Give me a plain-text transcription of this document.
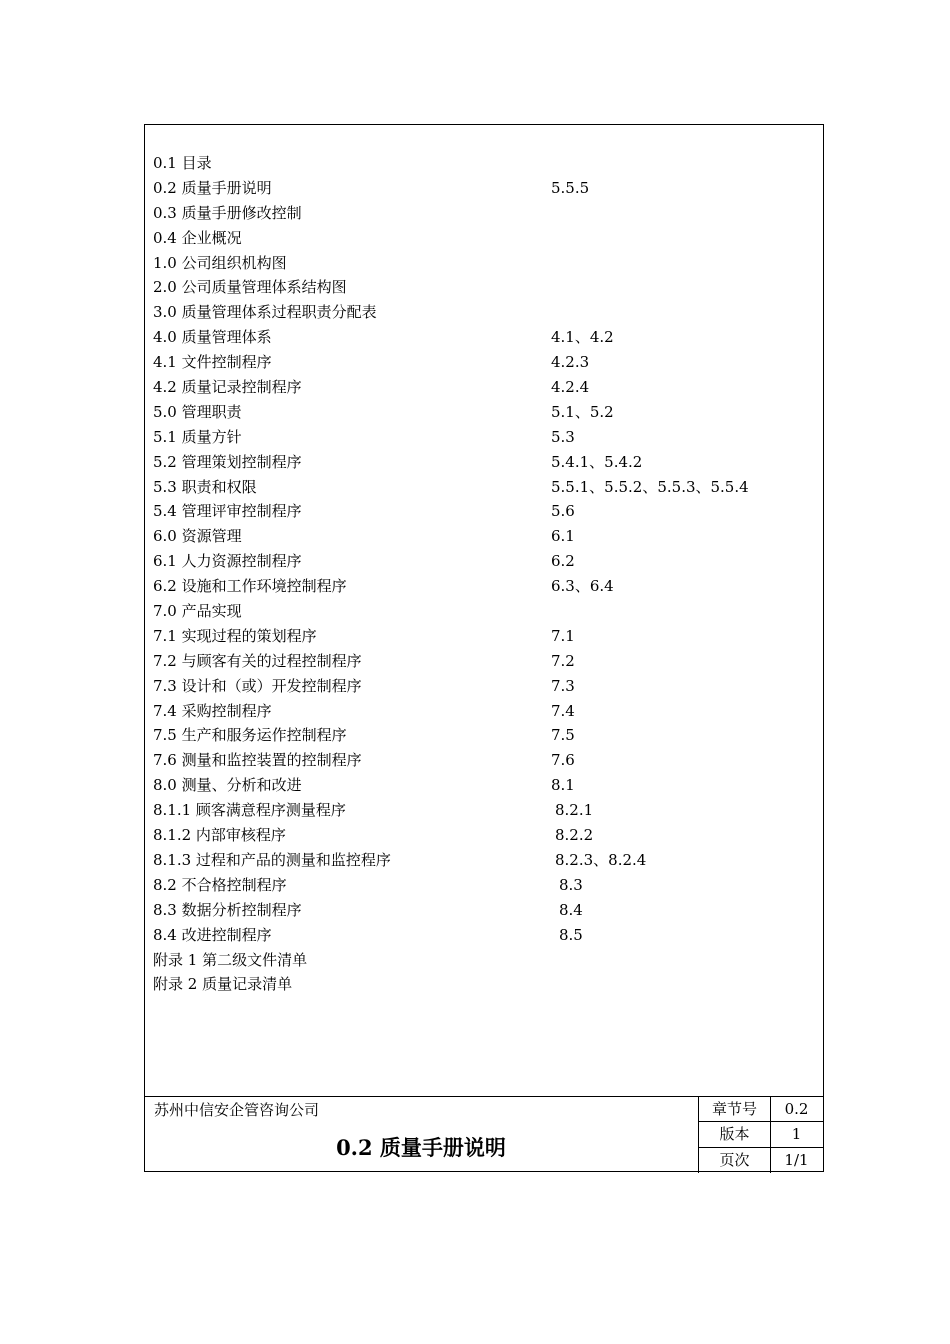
0.1 目录
0.2 质量手册说明	5.5.5
0.3 质量手册修改控制
0.4 企业概况
1.0 公司组织机构图
2.0 公司质量管理体系结构图
3.0 质量管理体系过程职责分配表
4.0 质量管理体系	4.1、4.2
4.1 文件控制程序	4.2.3
4.2 质量记录控制程序	4.2.4
5.0 管理职责	5.1、5.2
5.1 质量方针	5.3
5.2 管理策划控制程序	5.4.1、5.4.2
5.3 职责和权限	5.5.1、5.5.2、5.5.3、5.5.4
5.4 管理评审控制程序	5.6
6.0 资源管理	6.1
6.1 人力资源控制程序	6.2
6.2 设施和工作环境控制程序	6.3、6.4
7.0 产品实现
7.1 实现过程的策划程序	7.1
7.2 与顾客有关的过程控制程序	7.2
7.3 设计和（或）开发控制程序	7.3
7.4 采购控制程序	7.4
7.5 生产和服务运作控制程序	7.5
7.6 测量和监控装置的控制程序	7.6
8.0 测量、分析和改进	8.1
8.1.1 顾客满意程序测量程序	8.2.1
8.1.2 内部审核程序	8.2.2
8.1.3 过程和产品的测量和监控程序	8.2.3、8.2.4
8.2 不合格控制程序	8.3
8.3 数据分析控制程序	8.4
8.4 改进控制程序	8.5
附录 1 第二级文件清单
附录 2 质量记录清单
苏州中信安企管咨询公司
0.2 质量手册说明
章节号	0.2
版本	1
页次	1/1
